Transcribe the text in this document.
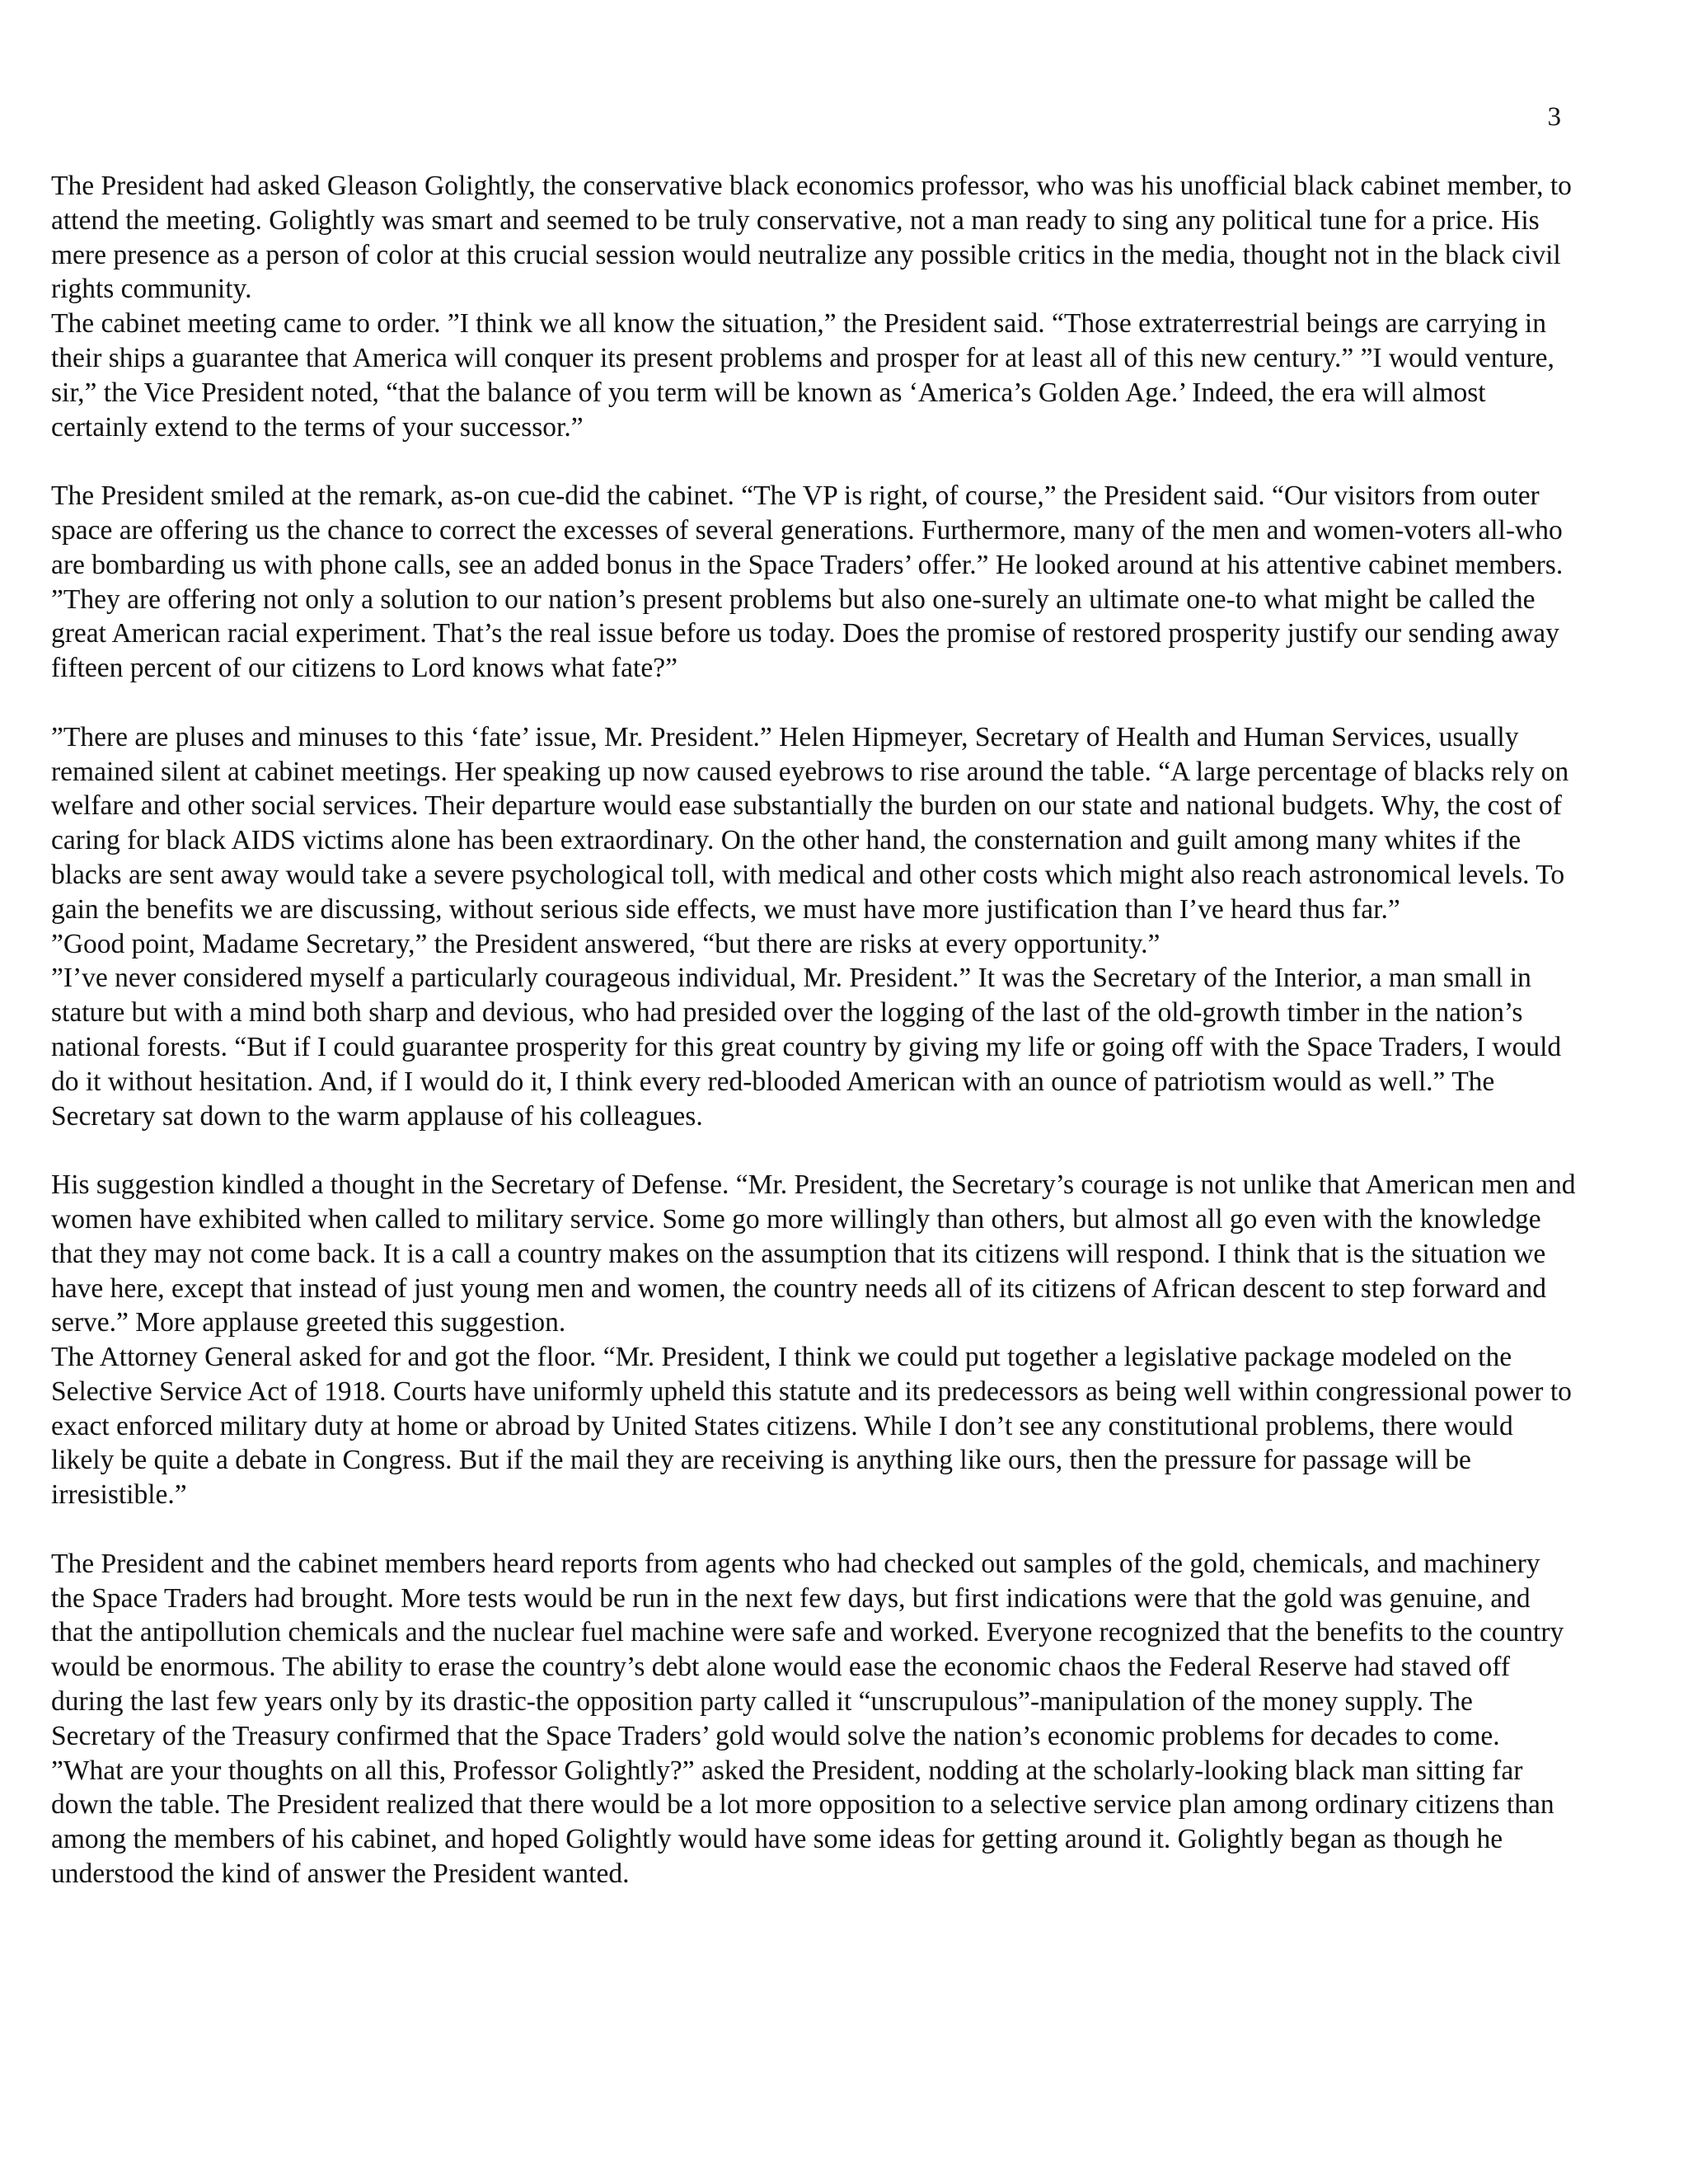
3

The President had asked Gleason Golightly, the conservative black economics professor, who was his unofficial black cabinet member, to attend the meeting. Golightly was smart and seemed to be truly conservative, not a man ready to sing any political tune for a price. His mere presence as a person of color at this crucial session would neutralize any possible critics in the media, thought not in the black civil rights community.

The cabinet meeting came to order. ”I think we all know the situation,” the President said. “Those extraterrestrial beings are carrying in their ships a guarantee that America will conquer its present problems and prosper for at least all of this new century.” ”I would venture, sir,” the Vice President noted, “that the balance of you term will be known as ‘America’s Golden Age.’ Indeed, the era will almost certainly extend to the terms of your successor.”

The President smiled at the remark, as-on cue-did the cabinet. “The VP is right, of course,” the President said. “Our visitors from outer space are offering us the chance to correct the excesses of several generations. Furthermore, many of the men and women-voters all-who are bombarding us with phone calls, see an added bonus in the Space Traders’ offer.” He looked around at his attentive cabinet members. ”They are offering not only a solution to our nation’s present problems but also one-surely an ultimate one-to what might be called the great American racial experiment. That’s the real issue before us today. Does the promise of restored prosperity justify our sending away fifteen percent of our citizens to Lord knows what fate?”

”There are pluses and minuses to this ‘fate’ issue, Mr. President.” Helen Hipmeyer, Secretary of Health and Human Services, usually remained silent at cabinet meetings. Her speaking up now caused eyebrows to rise around the table. “A large percentage of blacks rely on welfare and other social services. Their departure would ease substantially the burden on our state and national budgets. Why, the cost of caring for black AIDS victims alone has been extraordinary. On the other hand, the consternation and guilt among many whites if the blacks are sent away would take a severe psychological toll, with medical and other costs which might also reach astronomical levels. To gain the benefits we are discussing, without serious side effects, we must have more justification than I’ve heard thus far.”

”Good point, Madame Secretary,” the President answered, “but there are risks at every opportunity.”

”I’ve never considered myself a particularly courageous individual, Mr. President.” It was the Secretary of the Interior, a man small in stature but with a mind both sharp and devious, who had presided over the logging of the last of the old-growth timber in the nation’s national forests. “But if I could guarantee prosperity for this great country by giving my life or going off with the Space Traders, I would do it without hesitation. And, if I would do it, I think every red-blooded American with an ounce of patriotism would as well.” The Secretary sat down to the warm applause of his colleagues.

His suggestion kindled a thought in the Secretary of Defense. “Mr. President, the Secretary’s courage is not unlike that American men and women have exhibited when called to military service. Some go more willingly than others, but almost all go even with the knowledge that they may not come back. It is a call a country makes on the assumption that its citizens will respond. I think that is the situation we have here, except that instead of just young men and women, the country needs all of its citizens of African descent to step forward and serve.” More applause greeted this suggestion.

The Attorney General asked for and got the floor. “Mr. President, I think we could put together a legislative package modeled on the Selective Service Act of 1918. Courts have uniformly upheld this statute and its predecessors as being well within congressional power to exact enforced military duty at home or abroad by United States citizens. While I don’t see any constitutional problems, there would likely be quite a debate in Congress. But if the mail they are receiving is anything like ours, then the pressure for passage will be irresistible.”

The President and the cabinet members heard reports from agents who had checked out samples of the gold, chemicals, and machinery the Space Traders had brought. More tests would be run in the next few days, but first indications were that the gold was genuine, and that the antipollution chemicals and the nuclear fuel machine were safe and worked. Everyone recognized that the benefits to the country would be enormous. The ability to erase the country’s debt alone would ease the economic chaos the Federal Reserve had staved off during the last few years only by its drastic-the opposition party called it “unscrupulous”-manipulation of the money supply. The Secretary of the Treasury confirmed that the Space Traders’ gold would solve the nation’s economic problems for decades to come.

”What are your thoughts on all this, Professor Golightly?” asked the President, nodding at the scholarly-looking black man sitting far down the table. The President realized that there would be a lot more opposition to a selective service plan among ordinary citizens than among the members of his cabinet, and hoped Golightly would have some ideas for getting around it. Golightly began as though he understood the kind of answer the President wanted.
